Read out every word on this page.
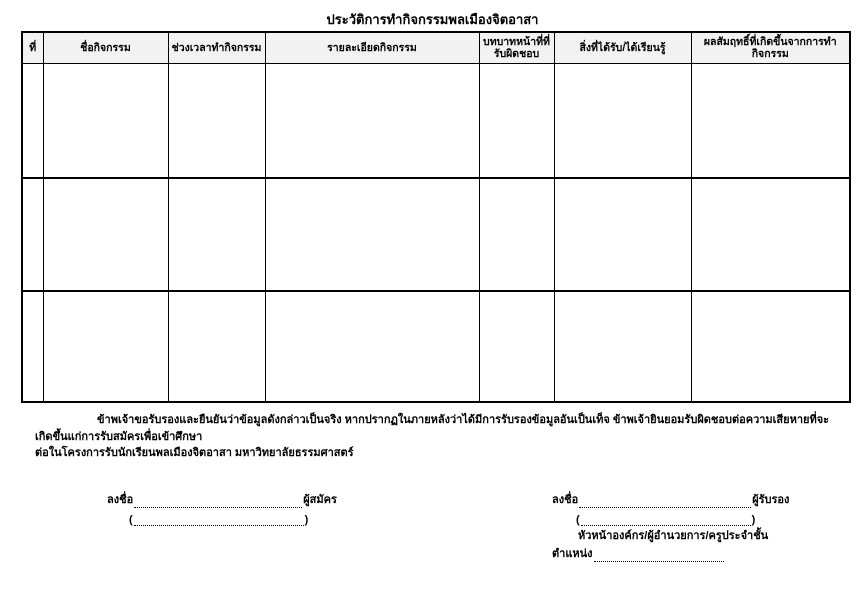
ประวัติการทำกิจกรรมพลเมืองจิตอาสา
ที่	ชื่อกิจกรรม	ช่วงเวลาทำกิจกรรม	รายละเอียดกิจกรรม	บทบาทหน้าที่ที่รับผิดชอบ	สิ่งที่ได้รับ/ได้เรียนรู้	ผลสัมฤทธิ์ที่เกิดขึ้นจากการทำกิจกรรม

ข้าพเจ้าขอรับรองและยืนยันว่าข้อมูลดังกล่าวเป็นจริง หากปรากฏในภายหลังว่าได้มีการรับรองข้อมูลอันเป็นเท็จ ข้าพเจ้ายินยอมรับผิดชอบต่อความเสียหายที่จะเกิดขึ้นแก่การรับสมัครเพื่อเข้าศึกษา
ต่อในโครงการรับนักเรียนพลเมืองจิตอาสา มหาวิทยาลัยธรรมศาสตร์
ลงชื่อ	ผู้สมัคร
(	)
ลงชื่อ	ผู้รับรอง
(	)
หัวหน้าองค์กร/ผู้อำนวยการ/ครูประจำชั้น
ตำแหน่ง
